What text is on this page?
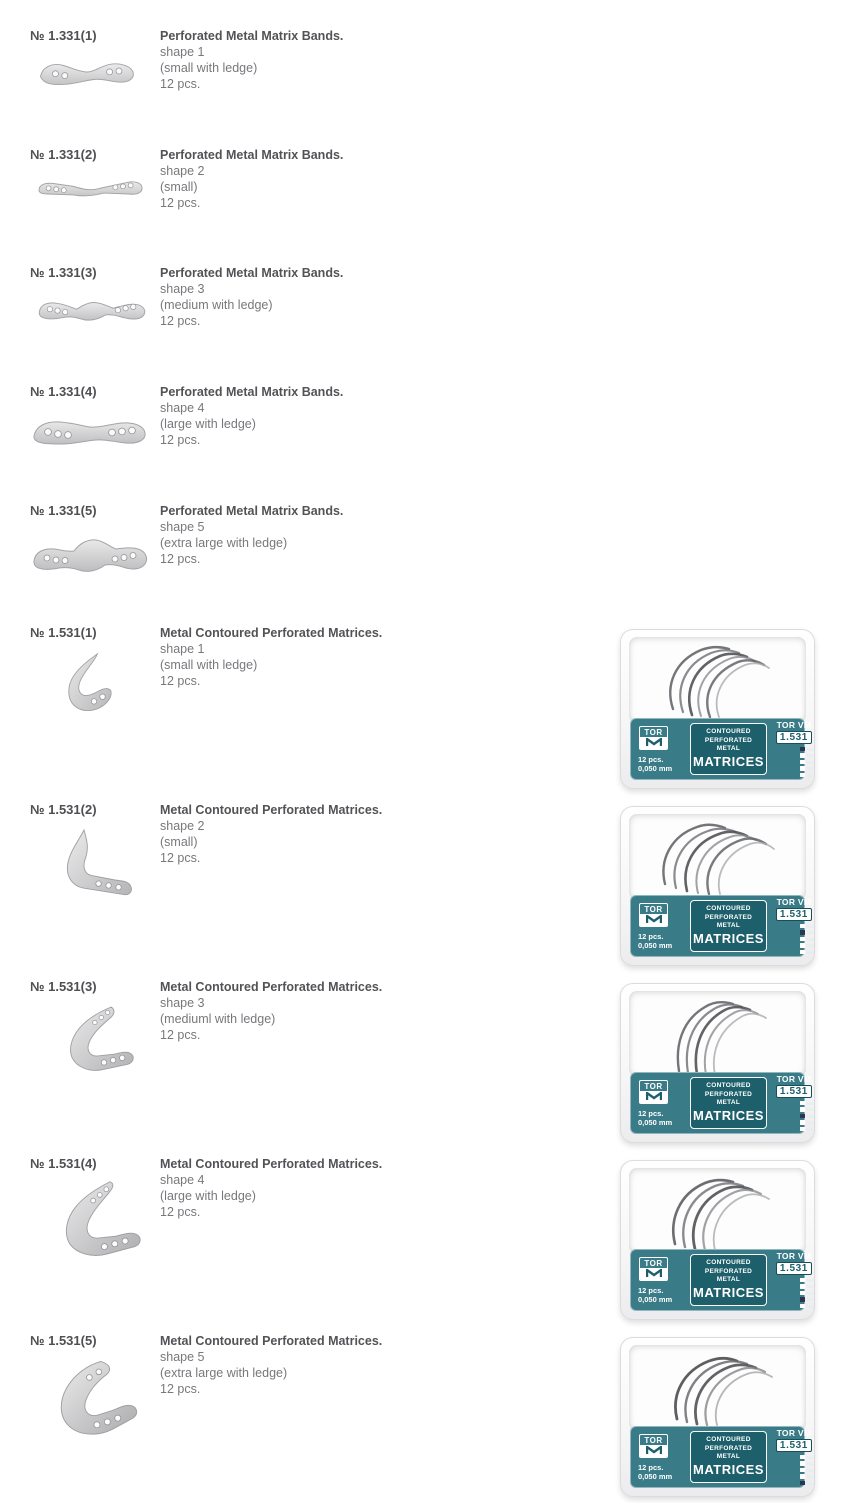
№ 1.331(1)	Perforated Metal Matrix Bands.
shape 1
(small with ledge)
12 pcs.
№ 1.331(2)	Perforated Metal Matrix Bands.
shape 2
(small)
12 pcs.
№ 1.331(3)	Perforated Metal Matrix Bands.
shape 3
(medium with ledge)
12 pcs.
№ 1.331(4)	Perforated Metal Matrix Bands.
shape 4
(large with ledge)
12 pcs.
№ 1.331(5)	Perforated Metal Matrix Bands.
shape 5
(extra large with ledge)
12 pcs.
№ 1.531(1)	Metal Contoured Perforated Matrices.
shape 1
(small with ledge)
12 pcs.
TOR
12 pcs.
0,050 mm
CONTOURED
PERFORATED METAL
MATRICES
TOR VM
1.531
№1
№2
№3
№4
№5
№ 1.531(2)	Metal Contoured Perforated Matrices.
shape 2
(small)
12 pcs.
TOR
12 pcs.
0,050 mm
CONTOURED
PERFORATED METAL
MATRICES
TOR VM
1.531
№1
№2
№3
№4
№5
№ 1.531(3)	Metal Contoured Perforated Matrices.
shape 3
(mediuml with ledge)
12 pcs.
TOR
12 pcs.
0,050 mm
CONTOURED
PERFORATED METAL
MATRICES
TOR VM
1.531
№1
№2
№3
№4
№5
№ 1.531(4)	Metal Contoured Perforated Matrices.
shape 4
(large with ledge)
12 pcs.
TOR
12 pcs.
0,050 mm
CONTOURED
PERFORATED METAL
MATRICES
TOR VM
1.531
№1
№2
№3
№4
№5
№ 1.531(5)	Metal Contoured Perforated Matrices.
shape 5
(extra large with ledge)
12 pcs.
TOR
12 pcs.
0,050 mm
CONTOURED
PERFORATED METAL
MATRICES
TOR VM
1.531
№1
№2
№3
№4
№5
